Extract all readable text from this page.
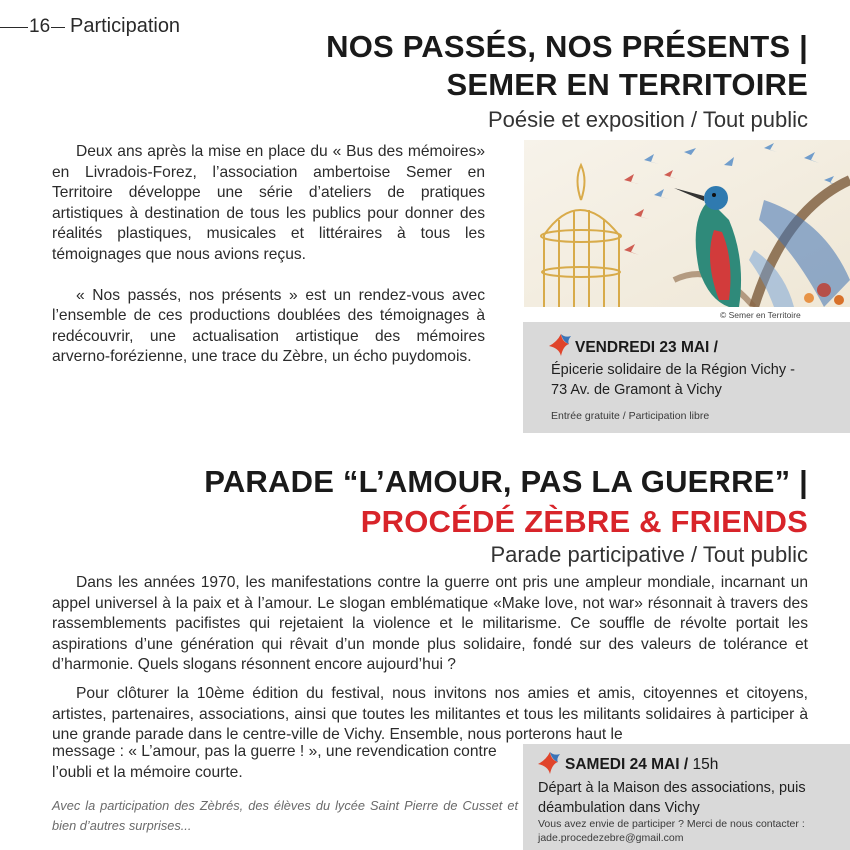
16 Participation
NOS PASSÉS, NOS PRÉSENTS |
SEMER EN TERRITOIRE
Poésie et exposition / Tout public

Deux ans après la mise en place du « Bus des mémoires» en Livradois-Forez, l’association ambertoise Semer en Territoire développe une série d’ateliers de pratiques artistiques à destination de tous les publics pour donner des réalités plastiques, musicales et littéraires à tous les témoignages que nous avions reçus.

« Nos passés, nos présents » est un rendez-vous avec l’ensemble de ces productions doublées des témoignages à redécouvrir, une actualisation artistique des mémoires arverno-forézienne, une trace du Zèbre, un écho puydomois.

© Semer en Territoire
VENDREDI 23 MAI /
Épicerie solidaire de la Région Vichy - 73 Av. de Gramont à Vichy
Entrée gratuite / Participation libre
PARADE “L’AMOUR, PAS LA GUERRE” |
PROCÉDÉ ZÈBRE & FRIENDS
Parade participative / Tout public

Dans les années 1970, les manifestations contre la guerre ont pris une ampleur mondiale, incarnant un appel universel à la paix et à l’amour. Le slogan emblématique «Make love, not war» résonnait à travers des rassemblements pacifistes qui rejetaient la violence et le militarisme. Ce souffle de révolte portait les aspirations d’une génération qui rêvait d’un monde plus solidaire, fondé sur des valeurs de tolérance et d’harmonie. Quels slogans résonnent encore aujourd’hui ?

Pour clôturer la 10ème édition du festival, nous invitons nos amies et amis, citoyennes et citoyens, artistes, partenaires, associations, ainsi que toutes les militantes et tous les militants solidaires à participer à une grande parade dans le centre-ville de Vichy. Ensemble, nous porterons haut le

message : « L’amour, pas la guerre ! », une revendication contre l’oubli et la mémoire courte.

Avec la participation des Zèbrés, des élèves du lycée Saint Pierre de Cusset et bien d’autres surprises...
SAMEDI 24 MAI / 15h
Départ à la Maison des associations, puis déambulation dans Vichy
Vous avez envie de participer ? Merci de nous contacter : jade.procedezebre@gmail.com
